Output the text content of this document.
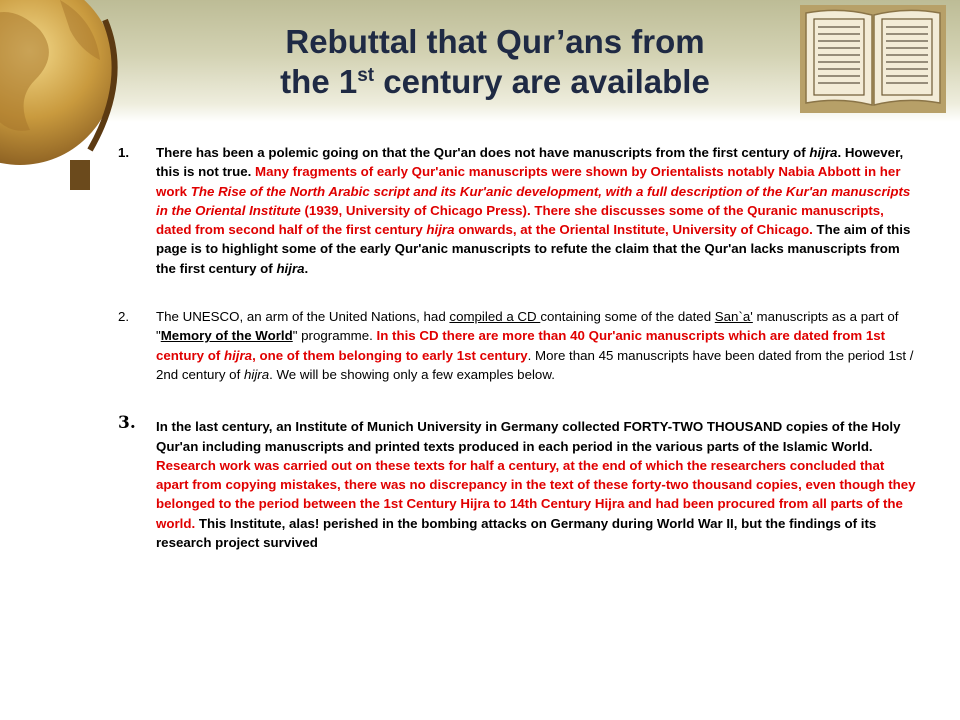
Rebuttal that Qur’ans from
the 1st century are available
1. There has been a polemic going on that the Qur'an does not have manuscripts from the first century of hijra. However, this is not true. Many fragments of early Qur'anic manuscripts were shown by Orientalists notably Nabia Abbott in her work The Rise of the North Arabic script and its Kur'anic development, with a full description of the Kur'an manuscripts in the Oriental Institute (1939, University of Chicago Press). There she discusses some of the Quranic manuscripts, dated from second half of the first century hijra onwards, at the Oriental Institute, University of Chicago. The aim of this page is to highlight some of the early Qur'anic manuscripts to refute the claim that the Qur'an lacks manuscripts from the first century of hijra.
2. The UNESCO, an arm of the United Nations, had compiled a CD containing some of the dated San`a' manuscripts as a part of "Memory of the World" programme. In this CD there are more than 40 Qur'anic manuscripts which are dated from 1st century of hijra, one of them belonging to early 1st century. More than 45 manuscripts have been dated from the period 1st / 2nd century of hijra. We will be showing only a few examples below.
3. In the last century, an Institute of Munich University in Germany collected FORTY-TWO THOUSAND copies of the Holy Qur'an including manuscripts and printed texts produced in each period in the various parts of the Islamic World. Research work was carried out on these texts for half a century, at the end of which the researchers concluded that apart from copying mistakes, there was no discrepancy in the text of these forty-two thousand copies, even though they belonged to the period between the 1st Century Hijra to 14th Century Hijra and had been procured from all parts of the world. This Institute, alas! perished in the bombing attacks on Germany during World War II, but the findings of its research project survived
